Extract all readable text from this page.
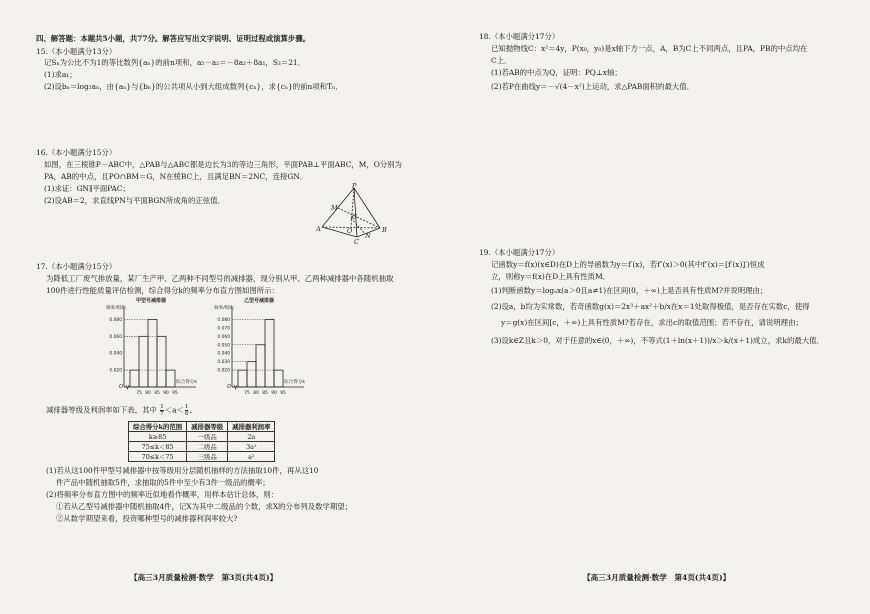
四、解答题：本题共5小题，共77分。解答应写出文字说明、证明过程或演算步骤。
15.（本小题满分13分）
记Sₙ为公比不为1的等比数列{aₙ}的前n项和，a₅－a₂＝－8a₂＋8a₁，S₃＝21．
(1)求a₁；
(2)设bₙ＝log₂aₙ，由{aₙ}与{bₙ}的公共项从小到大组成数列{cₙ}，求{cₙ}的前n项和Tₙ．
16.（本小题满分15分）
如图，在三棱锥P－ABC中，△PAB与△ABC都是边长为3的等边三角形，平面PAB⊥平面ABC，M，O分别为
PA，AB的中点，且PO∩BM＝G，N在棱BC上，且满足BN＝2NC，连接GN．
(1)求证：GN∥平面PAC；
(2)设AB＝2，求直线PN与平面BGN所成角的正弦值．
P
M
G
A	O
N
C
B
17.（本小题满分15分）
为降低工厂废气排放量，某厂生产甲、乙两种不同型号的减排器，现分别从甲、乙两种减排器中各随机抽取
100件进行性能质量评估检测，综合得分k的频率分布直方图如图所示：
甲型号减排器
频率/组距
综合得分k
O
0.020
0.040
0.060
0.080
75 80 85 90 95
乙型号减排器
频率/组距
综合得分k
O
0.020
0.030
0.040
0.050
0.060
0.070
0.080
75 80 85 90 95
减排器等级及利润率如下表，其中 $\frac{1}{7} <a< \frac{1}{6}$ ．
综合得分k的范围	减排器等级	减排器利润率
k≥85	一级品	2a
75≤k＜85	二级品	3a²
70≤k＜75	三级品	a²
(1)若从这100件甲型号减排器中按等级用分层随机抽样的方法抽取10件，再从这10
件产品中随机抽取5件，求抽取的5件中至少有3件一级品的概率；
(2)将频率分布直方图中的频率近似地看作概率，用样本估计总体，则：
①若从乙型号减排器中随机抽取4件，记X为其中二级品的个数，求X的分布列及数学期望；
②从数学期望来看，投资哪种型号的减排器利润率较大?
【高三3月质量检测·数学　第3页(共4页)】
18.（本小题满分17分）
已知抛物线C：x²＝4y，P(x₀，y₀)是x轴下方一点，A，B为C上不同两点，且PA，PB的中点均在
C上．
(1)若AB的中点为Q，证明：PQ⊥x轴；
(2)若P在曲线y＝－√(4－x²)上运动，求△PAB面积的最大值．
19.（本小题满分17分）
记函数y＝f(x)(x∈D)在D上的导函数为y＝f′(x)，若f″(x)＞0(其中f″(x)＝[f′(x)]′)恒成
立，则称y＝f(x)在D上具有性质M．
(1)判断函数y＝logₐx(a＞0且a≠1)在区间(0，＋∞)上是否具有性质M?并说明理由；
(2)设a，b均为实常数，若奇函数g(x)＝2x³＋ax²＋b/x在x＝1处取得极值，是否存在实数c，使得
y＝g(x)在区间[c，＋∞)上具有性质M?若存在，求出c的取值范围；若不存在，请说明理由；
(3)设k∈Z且k＞0，对于任意的x∈(0，＋∞)，不等式(1＋ln(x＋1))/x＞k/(x＋1)成立，求k的最大值．
【高三3月质量检测·数学　第4页(共4页)】
